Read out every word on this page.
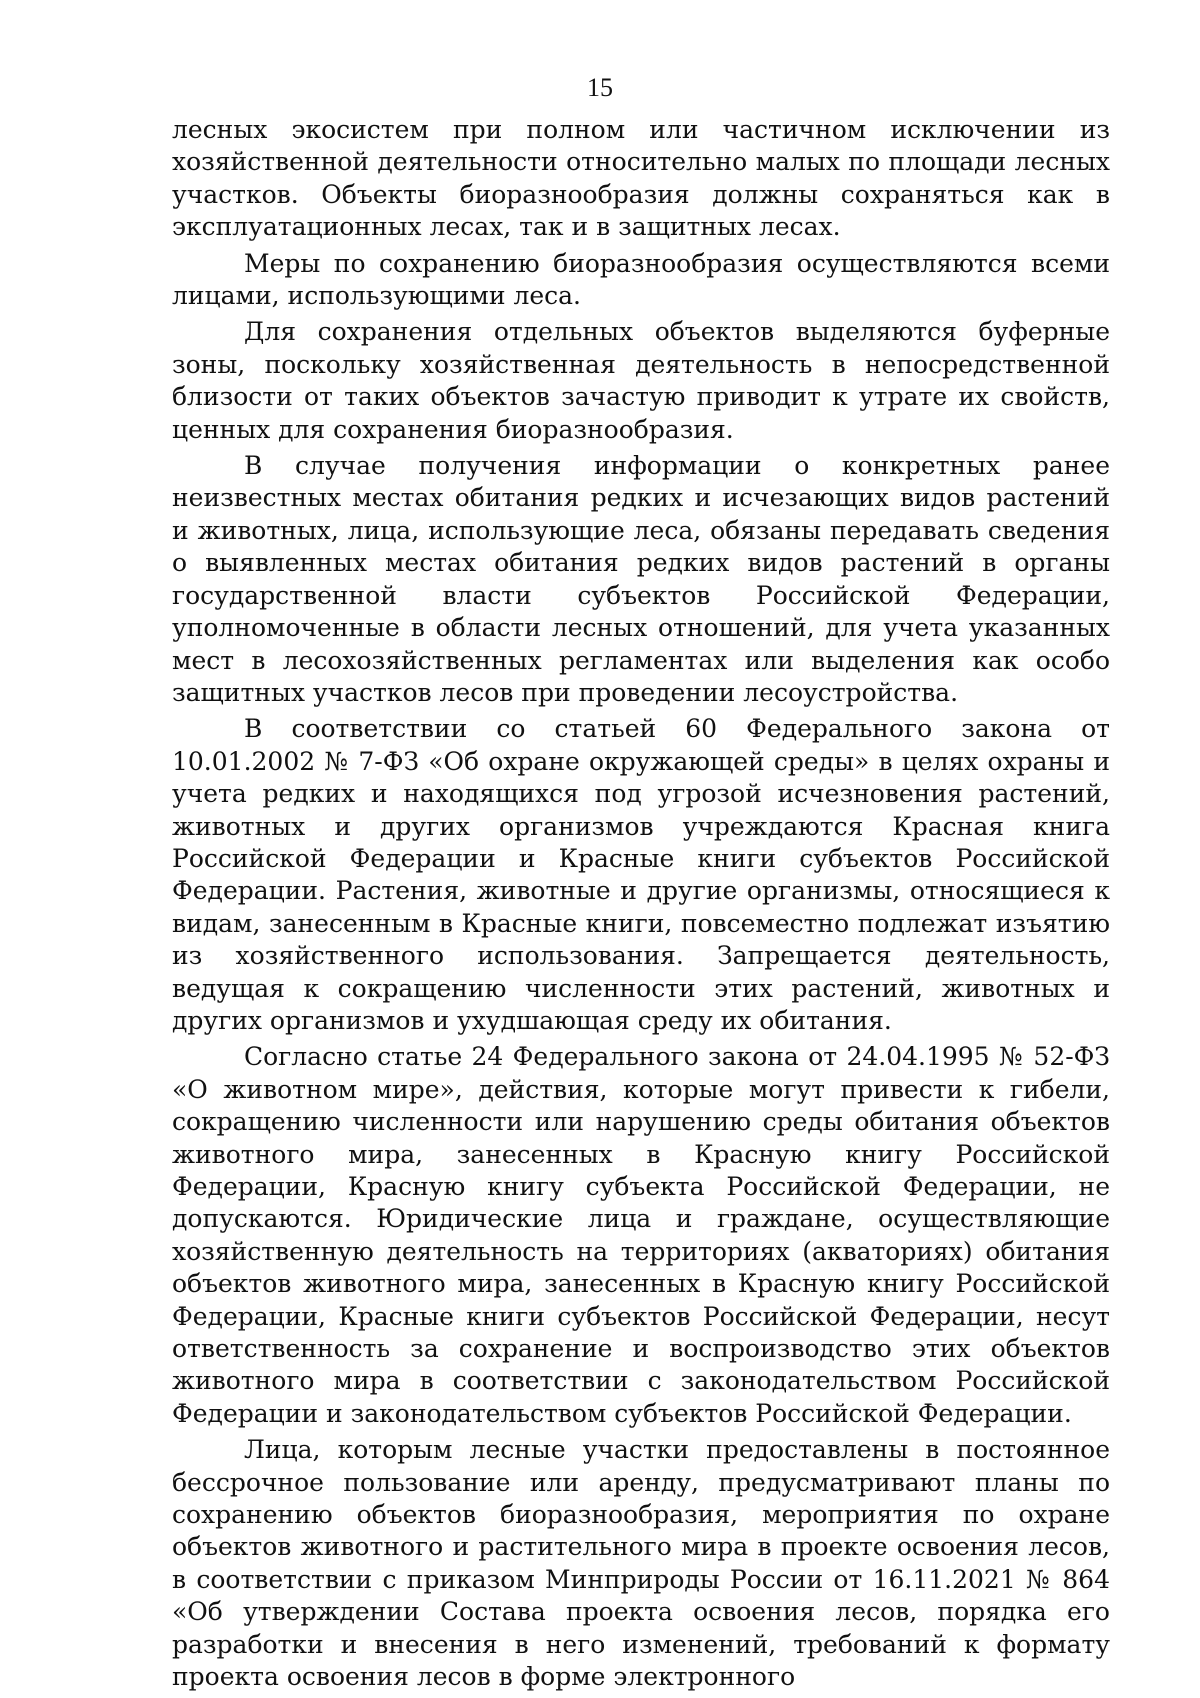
15

лесных экосистем при полном или частичном исключении из хозяйственной деятельности относительно малых по площади лесных участков. Объекты биоразнообразия должны сохраняться как в эксплуатационных лесах, так и в защитных лесах.

Меры по сохранению биоразнообразия осуществляются всеми лицами, использующими леса.

Для сохранения отдельных объектов выделяются буферные зоны, поскольку хозяйственная деятельность в непосредственной близости от таких объектов зачастую приводит к утрате их свойств, ценных для сохранения биоразнообразия.

В случае получения информации о конкретных ранее неизвестных местах обитания редких и исчезающих видов растений и животных, лица, использующие леса, обязаны передавать сведения о выявленных местах обитания редких видов растений в органы государственной власти субъектов Российской Федерации, уполномоченные в области лесных отношений, для учета указанных мест в лесохозяйственных регламентах или выделения как особо защитных участков лесов при проведении лесоустройства.

В соответствии со статьей 60 Федерального закона от 10.01.2002 № 7-ФЗ «Об охране окружающей среды» в целях охраны и учета редких и находящихся под угрозой исчезновения растений, животных и других организмов учреждаются Красная книга Российской Федерации и Красные книги субъектов Российской Федерации. Растения, животные и другие организмы, относящиеся к видам, занесенным в Красные книги, повсеместно подлежат изъятию из хозяйственного использования. Запрещается деятельность, ведущая к сокращению численности этих растений, животных и других организмов и ухудшающая среду их обитания.

Согласно статье 24 Федерального закона от 24.04.1995 № 52-ФЗ «О животном мире», действия, которые могут привести к гибели, сокращению численности или нарушению среды обитания объектов животного мира, занесенных в Красную книгу Российской Федерации, Красную книгу субъекта Российской Федерации, не допускаются. Юридические лица и граждане, осуществляющие хозяйственную деятельность на территориях (акваториях) обитания объектов животного мира, занесенных в Красную книгу Российской Федерации, Красные книги субъектов Российской Федерации, несут ответственность за сохранение и воспроизводство этих объектов животного мира в соответствии с законодательством Российской Федерации и законодательством субъектов Российской Федерации.

Лица, которым лесные участки предоставлены в постоянное бессрочное пользование или аренду, предусматривают планы по сохранению объектов биоразнообразия, мероприятия по охране объектов животного и растительного мира в проекте освоения лесов, в соответствии с приказом Минприроды России от 16.11.2021 № 864 «Об утверждении Состава проекта освоения лесов, порядка его разработки и внесения в него изменений, требований к формату проекта освоения лесов в форме электронного
